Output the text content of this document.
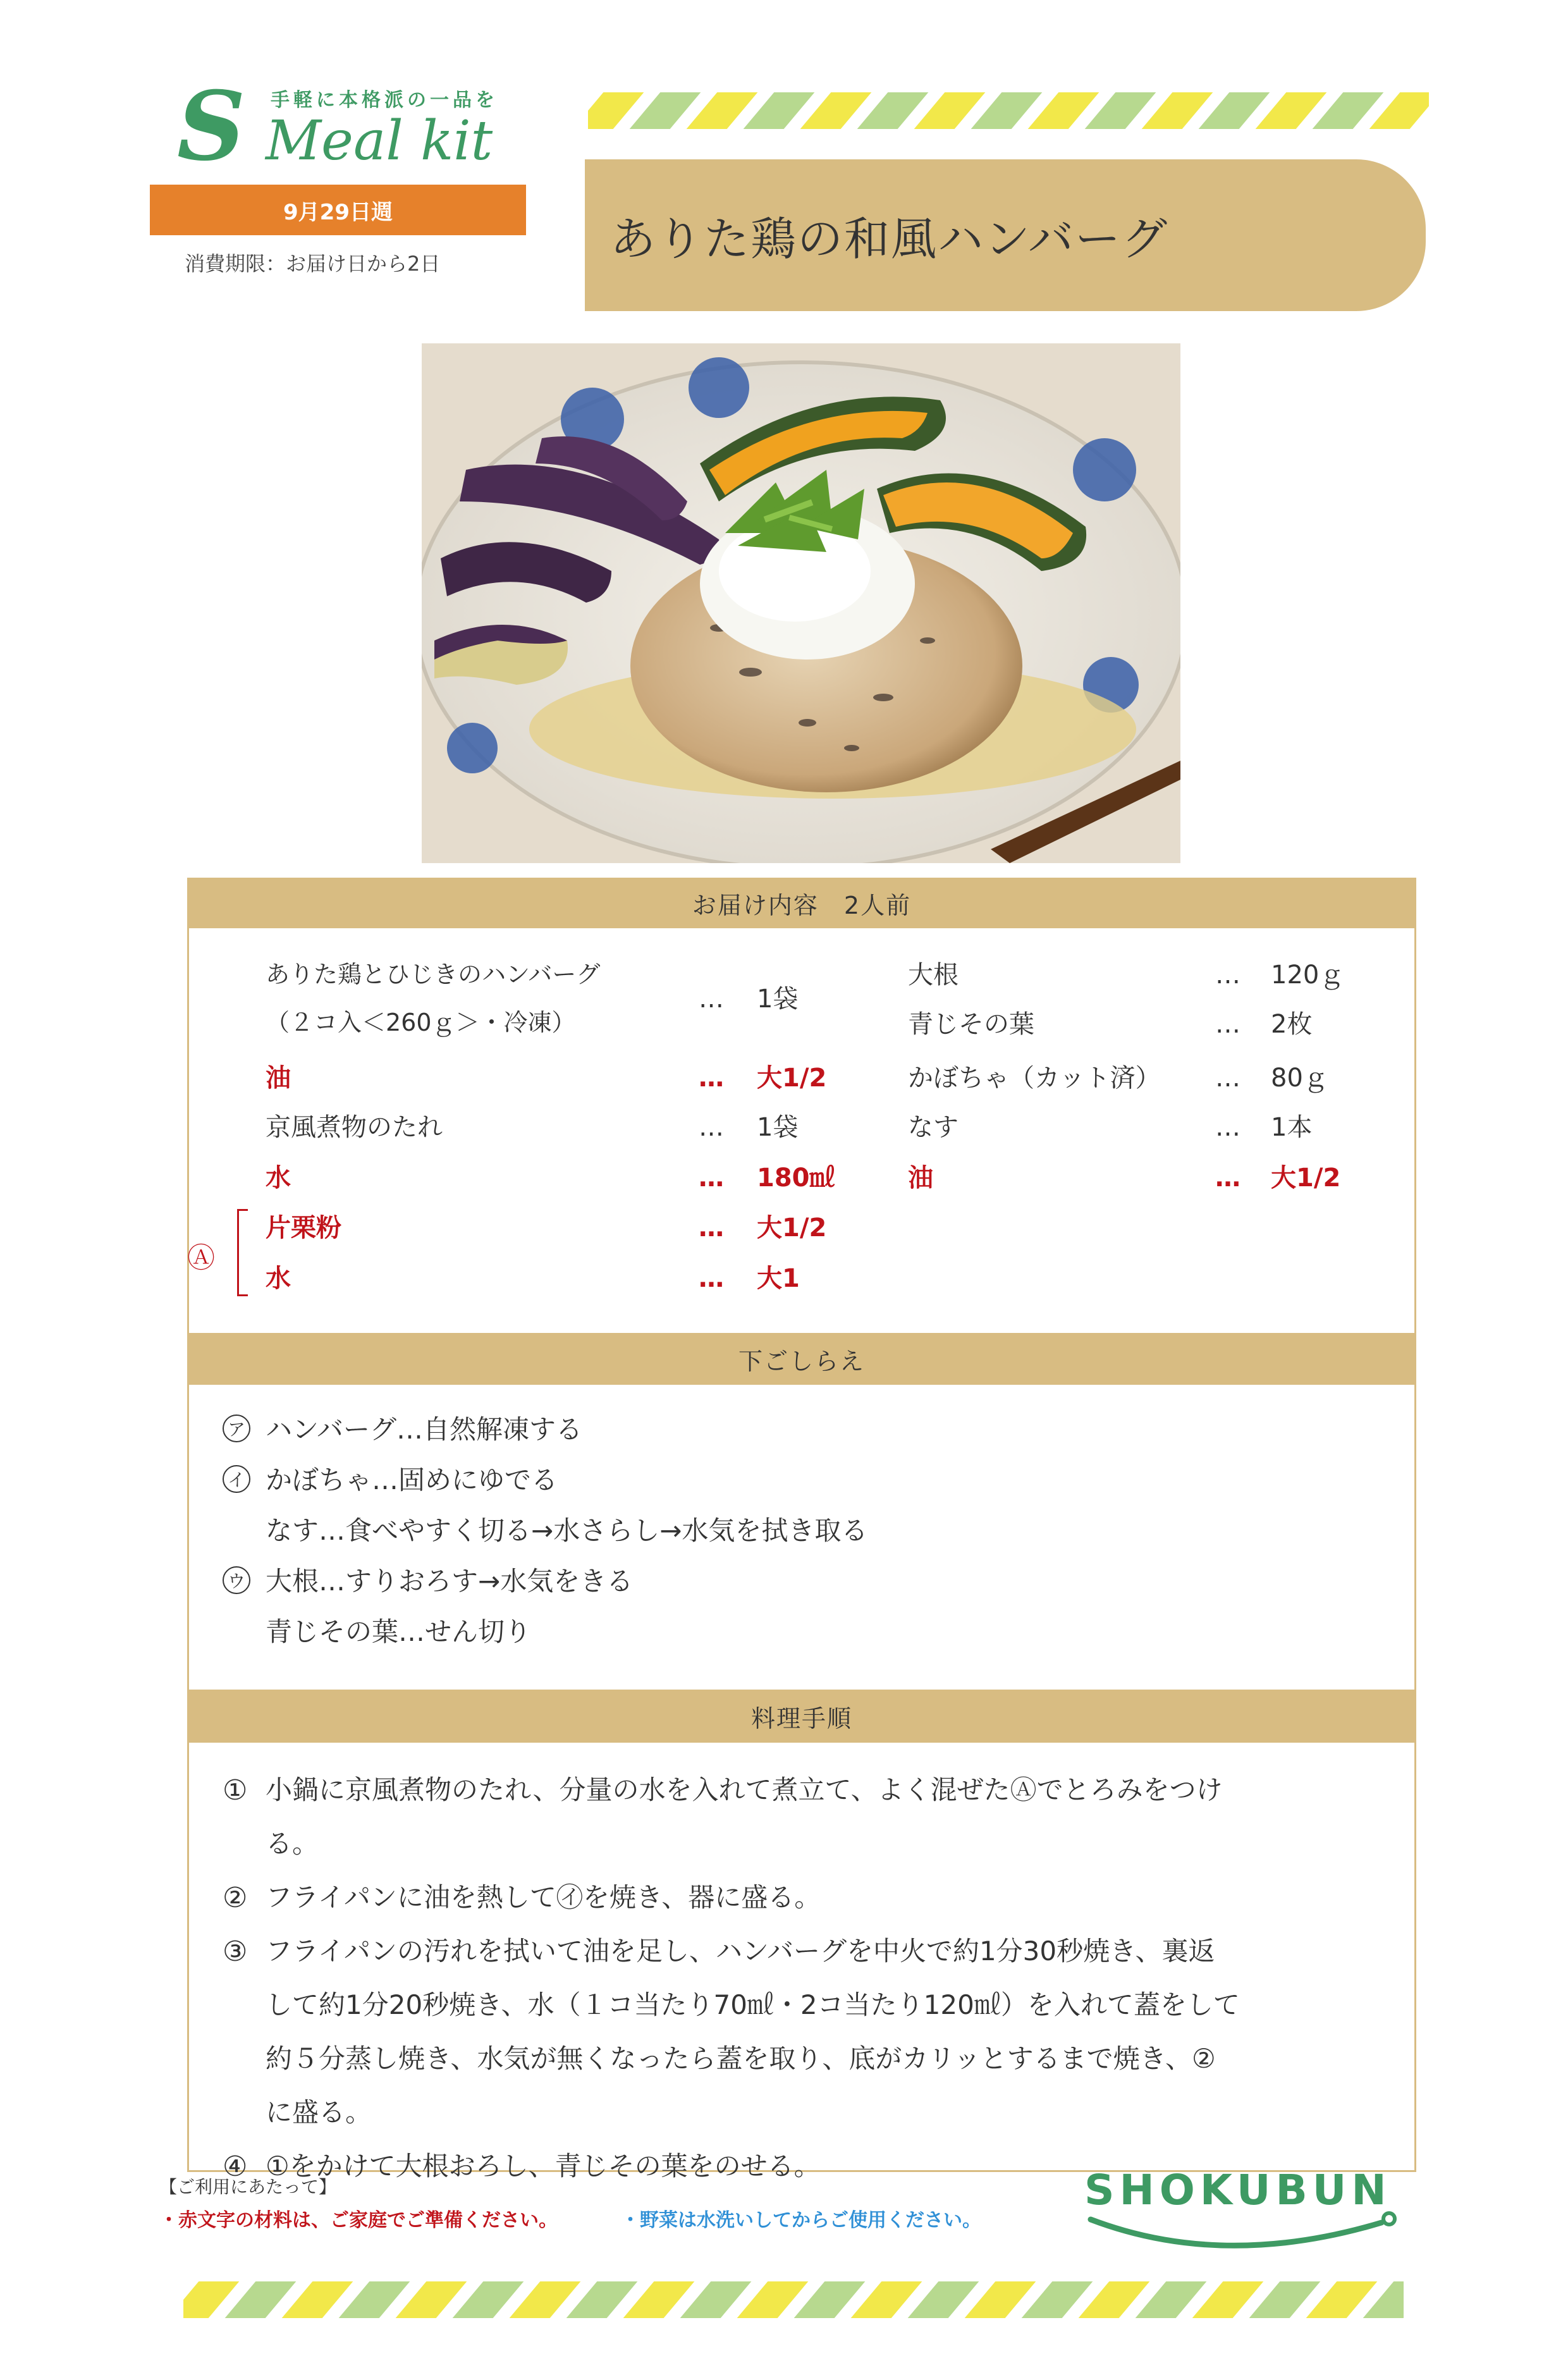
S 手軽に本格派の一品を
Meal kit
9月29日週
消費期限：お届け日から2日	ありた鶏の和風ハンバーグ
お届け内容　2人前
Ⓐ
下ごしらえ
料理手順
【ご利用にあたって】
・赤文字の材料は、ご家庭でご準備ください。	・野菜は水洗いしてからご使用ください。
SHOKUBUN
ありた鶏とひじきのハンバーグ
（２コ入＜260ｇ＞・冷凍）
… 1袋
油	… 大1/2
京風煮物のたれ	… 1袋
水	… 180㎖
片栗粉	… 大1/2
水	… 大1
大根	… 120ｇ
青じその葉	… 2枚
かぼちゃ（カット済） … 80ｇ
なす	… 1本
油	… 大1/2
ア ハンバーグ…自然解凍する
イ かぼちゃ…固めにゆでる
なす…食べやすく切る→水さらし→水気を拭き取る
ウ 大根…すりおろす→水気をきる
青じその葉…せん切り
① 小鍋に京風煮物のたれ、分量の水を入れて煮立て、よく混ぜたⒶでとろみをつけ
る。
② フライパンに油を熱して㋑を焼き、器に盛る。
③ フライパンの汚れを拭いて油を足し、ハンバーグを中火で約1分30秒焼き、裏返
して約1分20秒焼き、水（１コ当たり70㎖・2コ当たり120㎖）を入れて蓋をして
約５分蒸し焼き、水気が無くなったら蓋を取り、底がカリッとするまで焼き、②
に盛る。
④ ①をかけて大根おろし、青じその葉をのせる。
